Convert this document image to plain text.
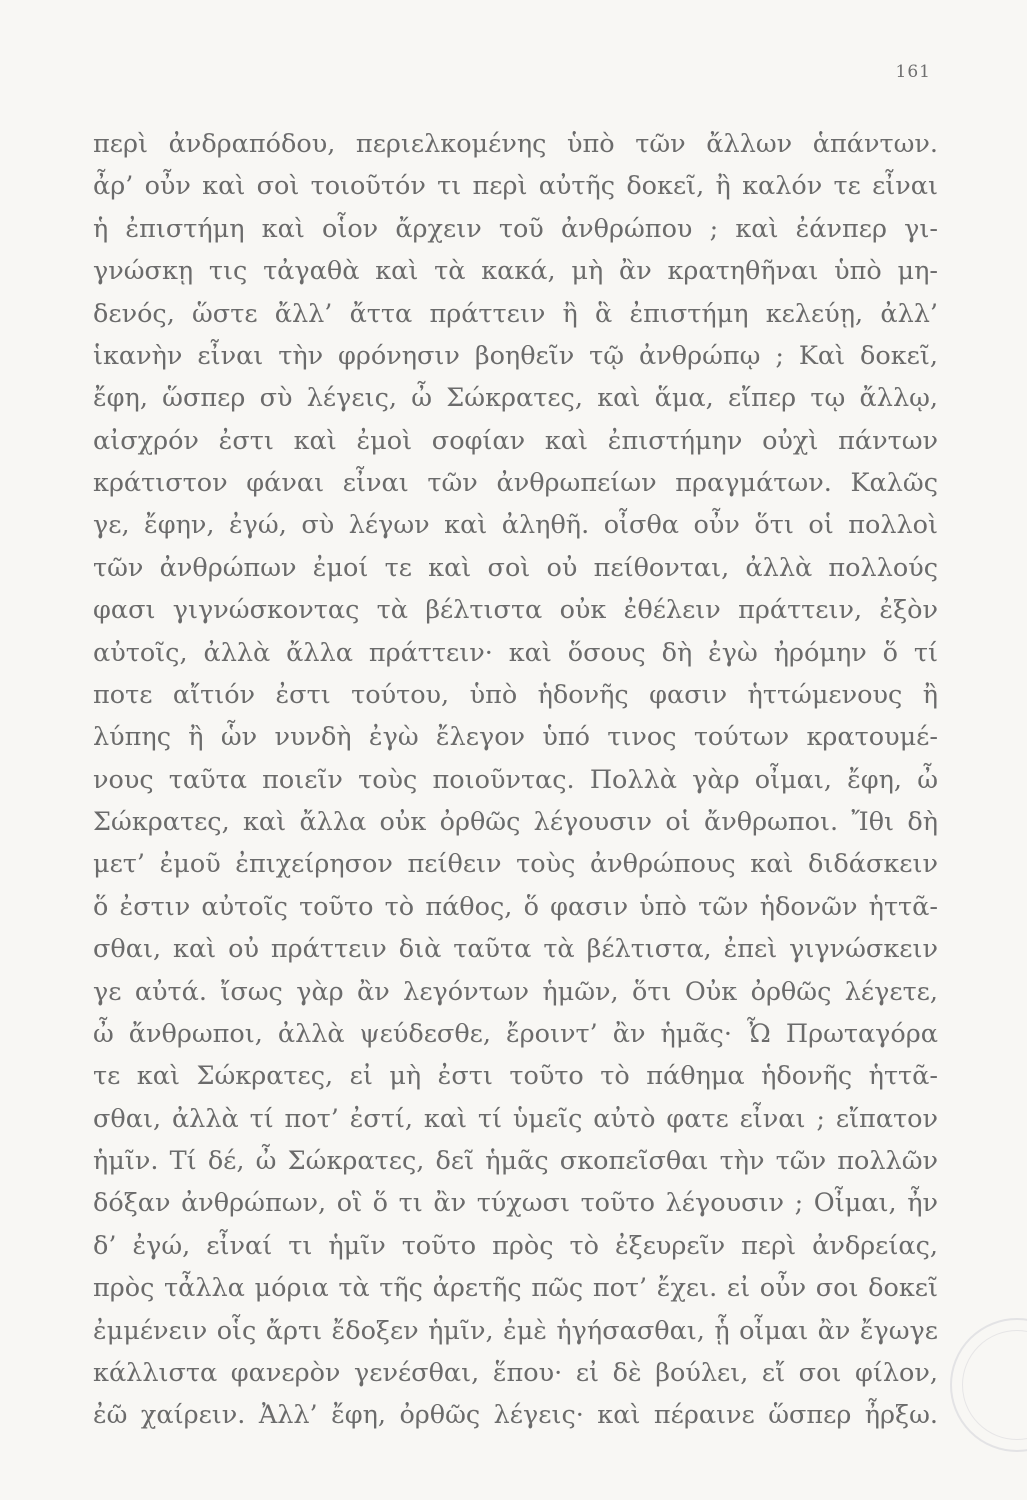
161
περὶ ἀνδραπόδου, περιελκομένης ὑπὸ τῶν ἄλλων ἁπάντων.
ἆρ’ οὖν καὶ σοὶ τοιοῦτόν τι περὶ αὐτῆς δοκεῖ, ἢ καλόν τε εἶναι
ἡ ἐπιστήμη καὶ οἷον ἄρχειν τοῦ ἀνθρώπου ; καὶ ἐάνπερ γι-
γνώσκῃ τις τἀγαθὰ καὶ τὰ κακά, μὴ ἂν κρατηθῆναι ὑπὸ μη-
δενός, ὥστε ἄλλ’ ἄττα πράττειν ἢ ἃ ἐπιστήμη κελεύῃ, ἀλλ’
ἱκανὴν εἶναι τὴν φρόνησιν βοηθεῖν τῷ ἀνθρώπῳ ; Καὶ δοκεῖ,
ἔφη, ὥσπερ σὺ λέγεις, ὦ Σώκρατες, καὶ ἅμα, εἴπερ τῳ ἄλλῳ,
αἰσχρόν ἐστι καὶ ἐμοὶ σοφίαν καὶ ἐπιστήμην οὐχὶ πάντων
κράτιστον φάναι εἶναι τῶν ἀνθρωπείων πραγμάτων. Καλῶς
γε, ἔφην, ἐγώ, σὺ λέγων καὶ ἀληθῆ. οἶσθα οὖν ὅτι οἱ πολλοὶ
τῶν ἀνθρώπων ἐμοί τε καὶ σοὶ οὐ πείθονται, ἀλλὰ πολλούς
φασι γιγνώσκοντας τὰ βέλτιστα οὐκ ἐθέλειν πράττειν, ἐξὸν
αὐτοῖς, ἀλλὰ ἄλλα πράττειν· καὶ ὅσους δὴ ἐγὼ ἠρόμην ὅ τί
ποτε αἴτιόν ἐστι τούτου, ὑπὸ ἡδονῆς φασιν ἡττώμενους ἢ
λύπης ἢ ὧν νυνδὴ ἐγὼ ἔλεγον ὑπό τινος τούτων κρατουμέ-
νους ταῦτα ποιεῖν τοὺς ποιοῦντας. Πολλὰ γὰρ οἶμαι, ἔφη, ὦ
Σώκρατες, καὶ ἄλλα οὐκ ὀρθῶς λέγουσιν οἱ ἄνθρωποι. Ἴθι δὴ
μετ’ ἐμοῦ ἐπιχείρησον πείθειν τοὺς ἀνθρώπους καὶ διδάσκειν
ὅ ἐστιν αὐτοῖς τοῦτο τὸ πάθος, ὅ φασιν ὑπὸ τῶν ἡδονῶν ἡττᾶ-
σθαι, καὶ οὐ πράττειν διὰ ταῦτα τὰ βέλτιστα, ἐπεὶ γιγνώσκειν
γε αὐτά. ἴσως γὰρ ἂν λεγόντων ἡμῶν, ὅτι Οὐκ ὀρθῶς λέγετε,
ὦ ἄνθρωποι, ἀλλὰ ψεύδεσθε, ἔροιντ’ ἂν ἡμᾶς· Ὦ Πρωταγόρα
τε καὶ Σώκρατες, εἰ μὴ ἐστι τοῦτο τὸ πάθημα ἡδονῆς ἡττᾶ-
σθαι, ἀλλὰ τί ποτ’ ἐστί, καὶ τί ὑμεῖς αὐτὸ φατε εἶναι ; εἴπατον
ἡμῖν. Τί δέ, ὦ Σώκρατες, δεῖ ἡμᾶς σκοπεῖσθαι τὴν τῶν πολλῶν
δόξαν ἀνθρώπων, οἳ ὅ τι ἂν τύχωσι τοῦτο λέγουσιν ; Οἶμαι, ἦν
δ’ ἐγώ, εἶναί τι ἡμῖν τοῦτο πρὸς τὸ ἐξευρεῖν περὶ ἀνδρείας,
πρὸς τἆλλα μόρια τὰ τῆς ἀρετῆς πῶς ποτ’ ἔχει. εἰ οὖν σοι δοκεῖ
ἐμμένειν οἷς ἄρτι ἔδοξεν ἡμῖν, ἐμὲ ἡγήσασθαι, ᾗ οἶμαι ἂν ἔγωγε
κάλλιστα φανερὸν γενέσθαι, ἕπου· εἰ δὲ βούλει, εἴ σοι φίλον,
ἐῶ χαίρειν. Ἀλλ’ ἔφη, ὀρθῶς λέγεις· καὶ πέραινε ὥσπερ ἦρξω.
